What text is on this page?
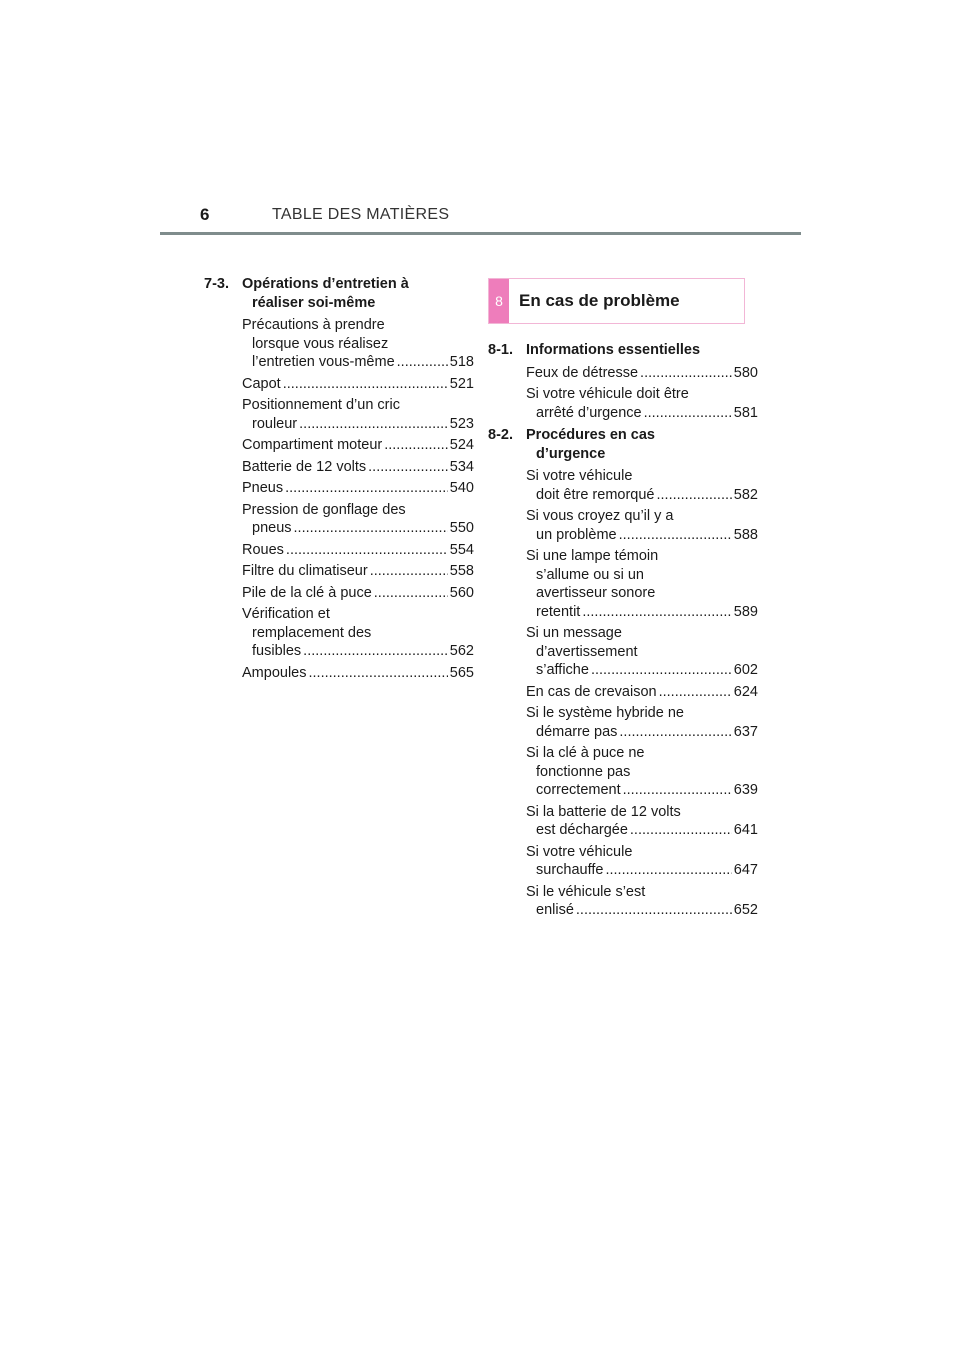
6	TABLE DES MATIÈRES
7-3. Opérations d’entretien à
réaliser soi-même
Précautions à prendre
lorsque vous réalisez
l’entretien vous-même .....	518
Capot .....	521
Positionnement d’un cric
rouleur .....	523
Compartiment moteur .....	524
Batterie de 12 volts .....	534
Pneus .....	540
Pression de gonflage des
pneus .....	550
Roues .....	554
Filtre du climatiseur .....	558
Pile de la clé à puce .....	560
Vérification et
remplacement des
fusibles .....	562
Ampoules .....	565
8 En cas de problème
8-1. Informations essentielles
Feux de détresse .....	580
Si votre véhicule doit être
arrêté d’urgence .....	581
8-2. Procédures en cas
d’urgence
Si votre véhicule
doit être remorqué .....	582
Si vous croyez qu’il y a
un problème .....	588
Si une lampe témoin
s’allume ou si un
avertisseur sonore
retentit .....	589
Si un message
d’avertissement
s’affiche .....	602
En cas de crevaison .....	624
Si le système hybride ne
démarre pas .....	637
Si la clé à puce ne
fonctionne pas
correctement .....	639
Si la batterie de 12 volts
est déchargée .....	641
Si votre véhicule
surchauffe .....	647
Si le véhicule s’est
enlisé .....	652
